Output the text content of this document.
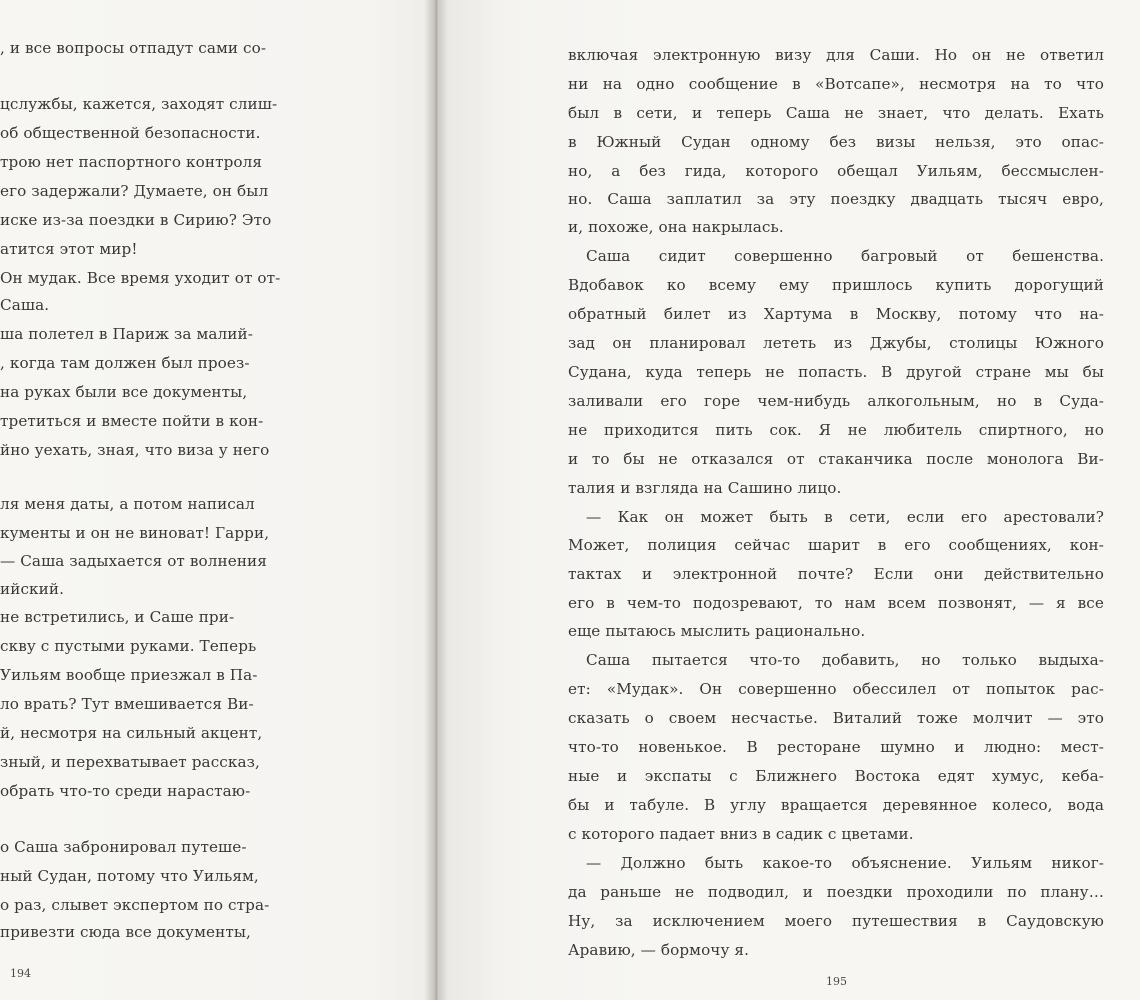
, и все вопросы отпадут сами со-
цслужбы, кажется, заходят слиш-
об общественной безопасности.
трою нет паспортного контроля
его задержали? Думаете, он был
иске из-за поездки в Сирию? Это
атится этот мир!
Он мудак. Все время уходит от от-
Саша.
ша полетел в Париж за малий-
, когда там должен был проез-
на руках были все документы,
третиться и вместе пойти в кон-
йно уехать, зная, что виза у него
ля меня даты, а потом написал
кументы и он не виноват! Гарри,
— Саша задыхается от волнения
ийский.
не встретились, и Саше при-
скву с пустыми руками. Теперь
Уильям вообще приезжал в Па-
ло врать? Тут вмешивается Ви-
й, несмотря на сильный акцент,
зный, и перехватывает рассказ,
обрать что-то среди нарастаю-
о Саша забронировал путеше-
ный Судан, потому что Уильям,
о раз, слывет экспертом по стра-
привезти сюда все документы,
194
включая электронную визу для Саши. Но он не ответил
ни на одно сообщение в «Вотсапе», несмотря на то что
был в сети, и теперь Саша не знает, что делать. Ехать
в Южный Судан одному без визы нельзя, это опас-
но, а без гида, которого обещал Уильям, бессмыслен-
но. Саша заплатил за эту поездку двадцать тысяч евро,
и, похоже, она накрылась.
Саша сидит совершенно багровый от бешенства.
Вдобавок ко всему ему пришлось купить дорогущий
обратный билет из Хартума в Москву, потому что на-
зад он планировал лететь из Джубы, столицы Южного
Судана, куда теперь не попасть. В другой стране мы бы
заливали его горе чем-нибудь алкогольным, но в Суда-
не приходится пить сок. Я не любитель спиртного, но
и то бы не отказался от стаканчика после монолога Ви-
талия и взгляда на Сашино лицо.
— Как он может быть в сети, если его арестовали?
Может, полиция сейчас шарит в его сообщениях, кон-
тактах и электронной почте? Если они действительно
его в чем-то подозревают, то нам всем позвонят, — я все
еще пытаюсь мыслить рационально.
Саша пытается что-то добавить, но только выдыха-
ет: «Мудак». Он совершенно обессилел от попыток рас-
сказать о своем несчастье. Виталий тоже молчит — это
что-то новенькое. В ресторане шумно и людно: мест-
ные и экспаты с Ближнего Востока едят хумус, кеба-
бы и табуле. В углу вращается деревянное колесо, вода
с которого падает вниз в садик с цветами.
— Должно быть какое-то объяснение. Уильям никог-
да раньше не подводил, и поездки проходили по плану…
Ну, за исключением моего путешествия в Саудовскую
Аравию, — бормочу я.
195
